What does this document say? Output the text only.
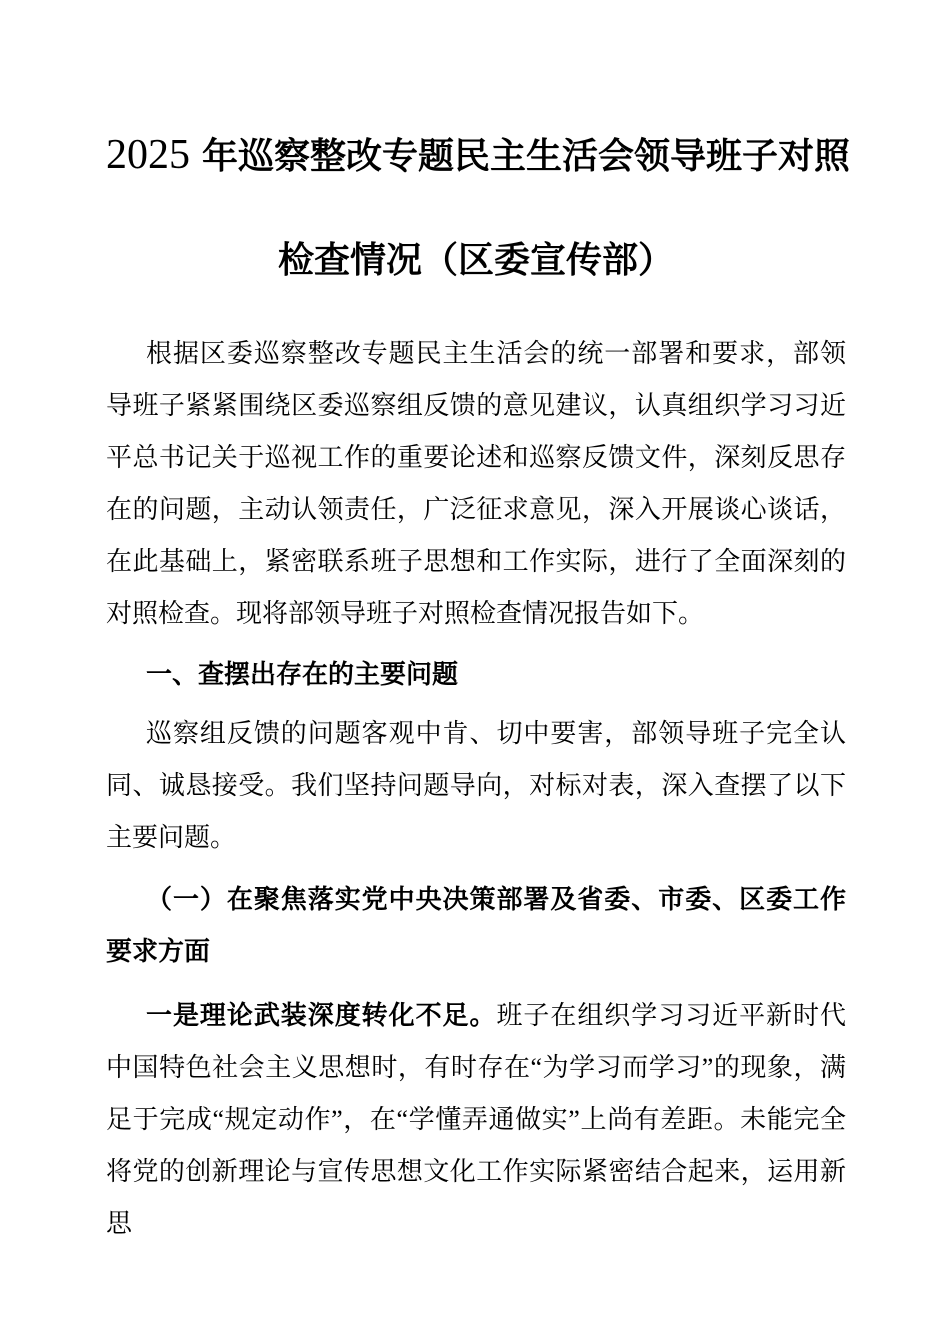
2025 年巡察整改专题民主生活会领导班子对照
检查情况（区委宣传部）

根据区委巡察整改专题民主生活会的统一部署和要求，部领导班子紧紧围绕区委巡察组反馈的意见建议，认真组织学习习近平总书记关于巡视工作的重要论述和巡察反馈文件，深刻反思存在的问题，主动认领责任，广泛征求意见，深入开展谈心谈话，在此基础上，紧密联系班子思想和工作实际，进行了全面深刻的对照检查。现将部领导班子对照检查情况报告如下。

一、查摆出存在的主要问题

巡察组反馈的问题客观中肯、切中要害，部领导班子完全认同、诚恳接受。我们坚持问题导向，对标对表，深入查摆了以下主要问题。

（一）在聚焦落实党中央决策部署及省委、市委、区委工作要求方面

一是理论武装深度转化不足。班子在组织学习习近平新时代中国特色社会主义思想时，有时存在“为学习而学习”的现象，满足于完成“规定动作”，在“学懂弄通做实”上尚有差距。未能完全将党的创新理论与宣传思想文化工作实际紧密结合起来，运用新思
